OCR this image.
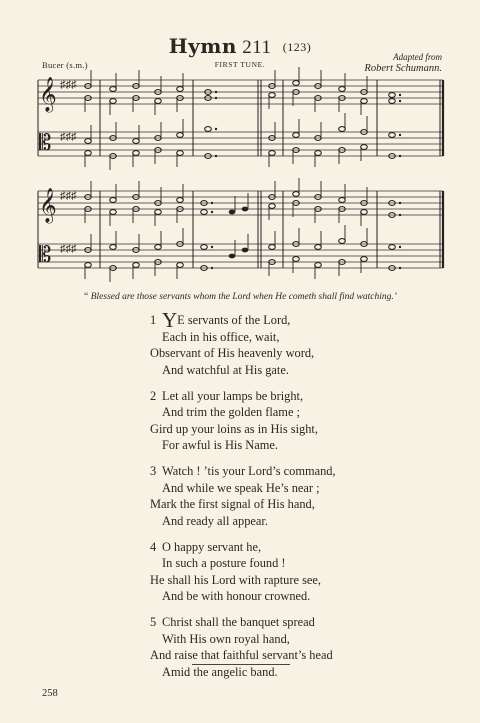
Hymn 211 (123)
Adapted from
Robert Schumann.
Bucer (s.m.)	FIRST TUNE.
𝄞
𝄡
♯♯♯
♯♯♯
𝄞
𝄡
♯♯♯
♯♯♯
“ Blessed are those servants whom the Lord when He cometh shall find watching.’
1 YE servants of the Lord,
Each in his office, wait,
Observant of His heavenly word,
And watchful at His gate.
2 Let all your lamps be bright,
And trim the golden flame ;
Gird up your loins as in His sight,
For awful is His Name.
3 Watch ! ’tis your Lord’s command,
And while we speak He’s near ;
Mark the first signal of His hand,
And ready all appear.
4 O happy servant he,
In such a posture found !
He shall his Lord with rapture see,
And be with honour crowned.
5 Christ shall the banquet spread
With His own royal hand,
And raise that faithful servant’s head
Amid the angelic band.
258
